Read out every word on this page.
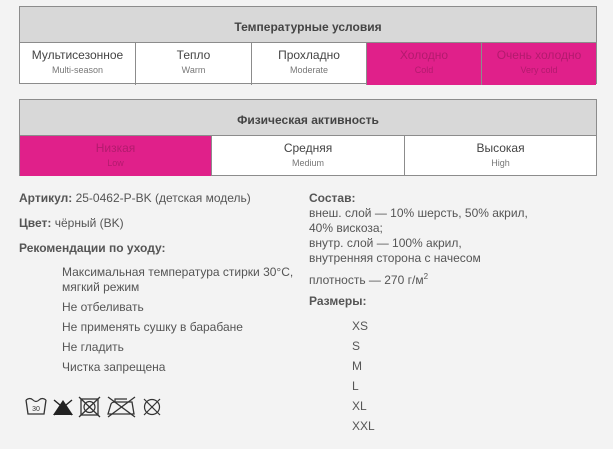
Температурные условия
Мультисезонное
Multi-season
Тепло
Warm
Прохладно
Moderate
Холодно
Cold
Очень холодно
Very cold
Физическая активность
Низкая
Low
Средняя
Medium
Высокая
High
Артикул: 25-0462-P-BK (детская модель)
Цвет: чёрный (BK)
Рекомендации по уходу:
Максимальная температура стирки 30°C,
мягкий режим
Не отбеливать
Не применять сушку в барабане
Не гладить
Чистка запрещена
30
Состав:
внеш. слой — 10% шерсть, 50% акрил,
40% вискоза;
внутр. слой — 100% акрил,
внутренняя сторона с начесом
плотность — 270 $г/м^2$
Размеры:
XS
S
M
L
XL
XXL
